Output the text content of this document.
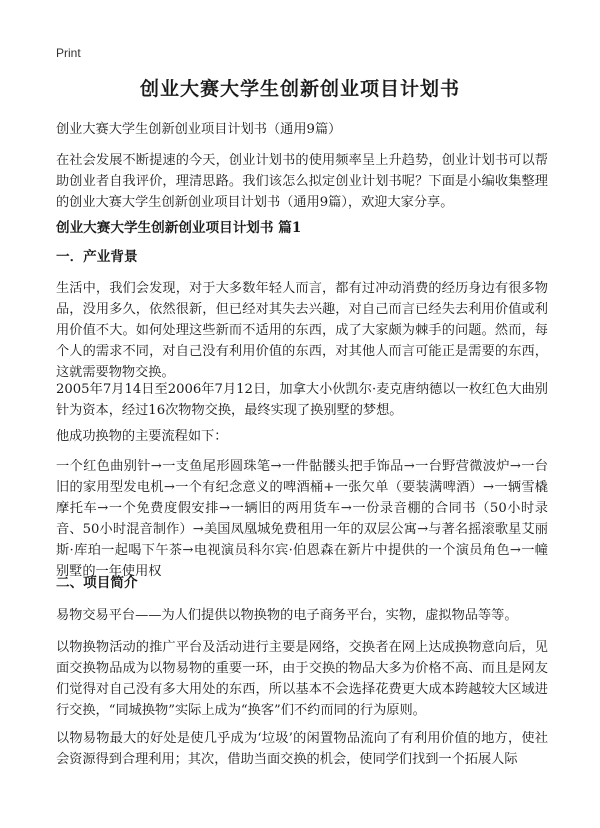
Print
创业大赛大学生创新创业项目计划书

创业大赛大学生创新创业项目计划书（通用9篇）

在社会发展不断提速的今天，创业计划书的使用频率呈上升趋势，创业计划书可以帮助创业者自我评价，理清思路。我们该怎么拟定创业计划书呢？下面是小编收集整理的创业大赛大学生创新创业项目计划书（通用9篇），欢迎大家分享。

创业大赛大学生创新创业项目计划书 篇1
一．产业背景

生活中，我们会发现，对于大多数年轻人而言，都有过冲动消费的经历身边有很多物品，没用多久，依然很新，但已经对其失去兴趣，对自己而言已经失去利用价值或利用价值不大。如何处理这些新而不适用的东西，成了大家颇为棘手的问题。然而，每个人的需求不同，对自己没有利用价值的东西，对其他人而言可能正是需要的东西，这就需要物物交换。

2005年7月14日至2006年7月12日，加拿大小伙凯尔·麦克唐纳德以一枚红色大曲别针为资本，经过16次物物交换，最终实现了换别墅的梦想。

他成功换物的主要流程如下：

一个红色曲别针→一支鱼尾形圆珠笔→一件骷髅头把手饰品→一台野营微波炉→一台旧的家用型发电机→一个有纪念意义的啤酒桶+一张欠单（要装满啤酒）→一辆雪橇摩托车→一个免费度假安排→一辆旧的两用货车→一份录音棚的合同书（50小时录音、50小时混音制作）→美国凤凰城免费租用一年的双层公寓→与著名摇滚歌星艾丽斯·库珀一起喝下午茶→电视演员科尔宾·伯恩森在新片中提供的一个演员角色→一幢别墅的一年使用权

二、项目简介

易物交易平台——为人们提供以物换物的电子商务平台，实物，虚拟物品等等。

以物换物活动的推广平台及活动进行主要是网络，交换者在网上达成换物意向后，见面交换物品成为以物易物的重要一环，由于交换的物品大多为价格不高、而且是网友们觉得对自己没有多大用处的东西，所以基本不会选择花费更大成本跨越较大区域进行交换，“同城换物”实际上成为“换客”们不约而同的行为原则。

以物易物最大的好处是使几乎成为‘垃圾’的闲置物品流向了有利用价值的地方，使社会资源得到合理利用；其次，借助当面交换的机会，使同学们找到一个拓展人际
